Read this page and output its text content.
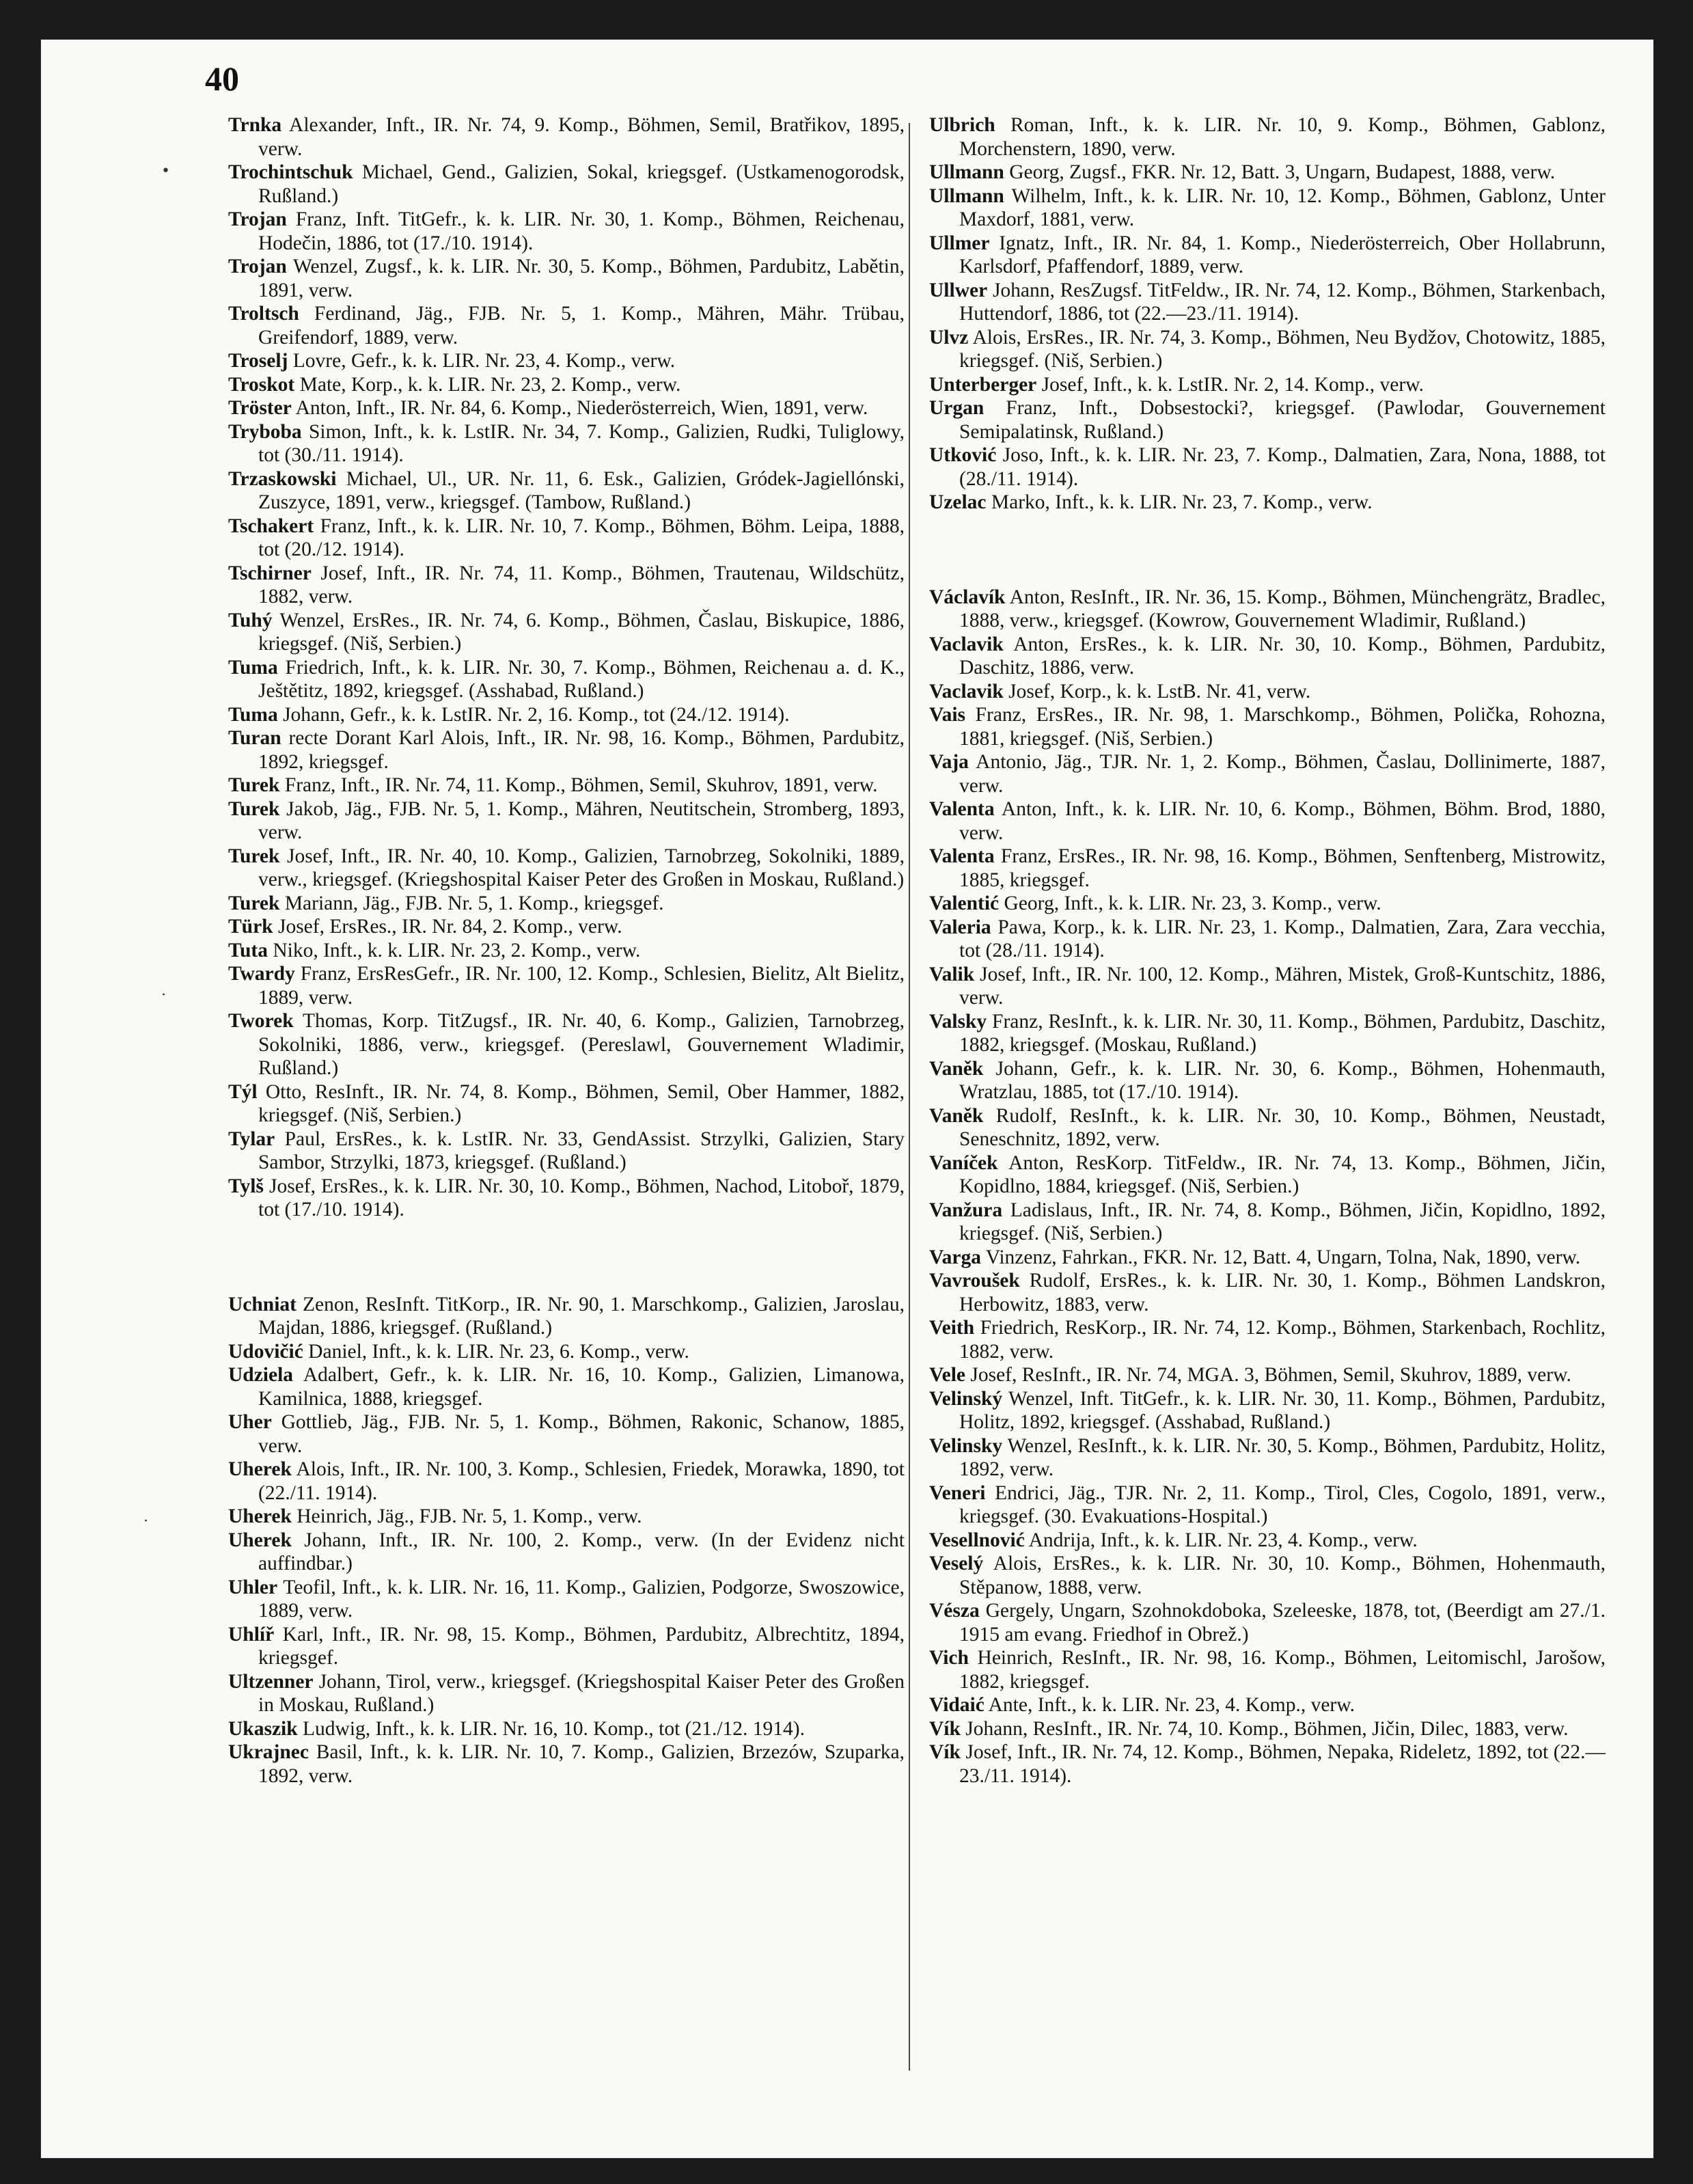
40

Trnka Alexander, Inft., IR. Nr. 74, 9. Komp., Böhmen, Semil, Bratřikov, 1895, verw.

Trochintschuk Michael, Gend., Galizien, Sokal, kriegsgef. (Ustkamenogorodsk, Rußland.)

Trojan Franz, Inft. TitGefr., k. k. LIR. Nr. 30, 1. Komp., Böhmen, Reichenau, Hodečin, 1886, tot (17./10. 1914).

Trojan Wenzel, Zugsf., k. k. LIR. Nr. 30, 5. Komp., Böhmen, Pardubitz, Labětin, 1891, verw.

Troltsch Ferdinand, Jäg., FJB. Nr. 5, 1. Komp., Mähren, Mähr. Trübau, Greifendorf, 1889, verw.

Troselj Lovre, Gefr., k. k. LIR. Nr. 23, 4. Komp., verw.

Troskot Mate, Korp., k. k. LIR. Nr. 23, 2. Komp., verw.

Tröster Anton, Inft., IR. Nr. 84, 6. Komp., Niederösterreich, Wien, 1891, verw.

Tryboba Simon, Inft., k. k. LstIR. Nr. 34, 7. Komp., Galizien, Rudki, Tuliglowy, tot (30./11. 1914).

Trzaskowski Michael, Ul., UR. Nr. 11, 6. Esk., Galizien, Gródek-Jagiellónski, Zuszyce, 1891, verw., kriegsgef. (Tambow, Rußland.)

Tschakert Franz, Inft., k. k. LIR. Nr. 10, 7. Komp., Böhmen, Böhm. Leipa, 1888, tot (20./12. 1914).

Tschirner Josef, Inft., IR. Nr. 74, 11. Komp., Böhmen, Trautenau, Wildschütz, 1882, verw.

Tuhý Wenzel, ErsRes., IR. Nr. 74, 6. Komp., Böhmen, Časlau, Biskupice, 1886, kriegsgef. (Niš, Serbien.)

Tuma Friedrich, Inft., k. k. LIR. Nr. 30, 7. Komp., Böhmen, Reichenau a. d. K., Ještětitz, 1892, kriegsgef. (Asshabad, Rußland.)

Tuma Johann, Gefr., k. k. LstIR. Nr. 2, 16. Komp., tot (24./12. 1914).

Turan recte Dorant Karl Alois, Inft., IR. Nr. 98, 16. Komp., Böhmen, Pardubitz, 1892, kriegsgef.

Turek Franz, Inft., IR. Nr. 74, 11. Komp., Böhmen, Semil, Skuhrov, 1891, verw.

Turek Jakob, Jäg., FJB. Nr. 5, 1. Komp., Mähren, Neutitschein, Stromberg, 1893, verw.

Turek Josef, Inft., IR. Nr. 40, 10. Komp., Galizien, Tarnobrzeg, Sokolniki, 1889, verw., kriegsgef. (Kriegshospital Kaiser Peter des Großen in Moskau, Rußland.)

Turek Mariann, Jäg., FJB. Nr. 5, 1. Komp., kriegsgef.

Türk Josef, ErsRes., IR. Nr. 84, 2. Komp., verw.

Tuta Niko, Inft., k. k. LIR. Nr. 23, 2. Komp., verw.

Twardy Franz, ErsResGefr., IR. Nr. 100, 12. Komp., Schlesien, Bielitz, Alt Bielitz, 1889, verw.

Tworek Thomas, Korp. TitZugsf., IR. Nr. 40, 6. Komp., Galizien, Tarnobrzeg, Sokolniki, 1886, verw., kriegsgef. (Pereslawl, Gouvernement Wladimir, Rußland.)

Týl Otto, ResInft., IR. Nr. 74, 8. Komp., Böhmen, Semil, Ober Hammer, 1882, kriegsgef. (Niš, Serbien.)

Tylar Paul, ErsRes., k. k. LstIR. Nr. 33, GendAssist. Strzylki, Galizien, Stary Sambor, Strzylki, 1873, kriegsgef. (Rußland.)

Tylš Josef, ErsRes., k. k. LIR. Nr. 30, 10. Komp., Böhmen, Nachod, Litoboř, 1879, tot (17./10. 1914).

Uchniat Zenon, ResInft. TitKorp., IR. Nr. 90, 1. Marschkomp., Galizien, Jaroslau, Majdan, 1886, kriegsgef. (Rußland.)

Udovičić Daniel, Inft., k. k. LIR. Nr. 23, 6. Komp., verw.

Udziela Adalbert, Gefr., k. k. LIR. Nr. 16, 10. Komp., Galizien, Limanowa, Kamilnica, 1888, kriegsgef.

Uher Gottlieb, Jäg., FJB. Nr. 5, 1. Komp., Böhmen, Rakonic, Schanow, 1885, verw.

Uherek Alois, Inft., IR. Nr. 100, 3. Komp., Schlesien, Friedek, Morawka, 1890, tot (22./11. 1914).

Uherek Heinrich, Jäg., FJB. Nr. 5, 1. Komp., verw.

Uherek Johann, Inft., IR. Nr. 100, 2. Komp., verw. (In der Evidenz nicht auffindbar.)

Uhler Teofil, Inft., k. k. LIR. Nr. 16, 11. Komp., Galizien, Podgorze, Swoszowice, 1889, verw.

Uhlíř Karl, Inft., IR. Nr. 98, 15. Komp., Böhmen, Pardubitz, Albrechtitz, 1894, kriegsgef.

Ultzenner Johann, Tirol, verw., kriegsgef. (Kriegshospital Kaiser Peter des Großen in Moskau, Rußland.)

Ukaszik Ludwig, Inft., k. k. LIR. Nr. 16, 10. Komp., tot (21./12. 1914).

Ukrajnec Basil, Inft., k. k. LIR. Nr. 10, 7. Komp., Galizien, Brzezów, Szuparka, 1892, verw.

Ulbrich Roman, Inft., k. k. LIR. Nr. 10, 9. Komp., Böhmen, Gablonz, Morchenstern, 1890, verw.

Ullmann Georg, Zugsf., FKR. Nr. 12, Batt. 3, Ungarn, Budapest, 1888, verw.

Ullmann Wilhelm, Inft., k. k. LIR. Nr. 10, 12. Komp., Böhmen, Gablonz, Unter Maxdorf, 1881, verw.

Ullmer Ignatz, Inft., IR. Nr. 84, 1. Komp., Niederösterreich, Ober Hollabrunn, Karlsdorf, Pfaffendorf, 1889, verw.

Ullwer Johann, ResZugsf. TitFeldw., IR. Nr. 74, 12. Komp., Böhmen, Starkenbach, Huttendorf, 1886, tot (22.—23./11. 1914).

Ulvz Alois, ErsRes., IR. Nr. 74, 3. Komp., Böhmen, Neu Bydžov, Chotowitz, 1885, kriegsgef. (Niš, Serbien.)

Unterberger Josef, Inft., k. k. LstIR. Nr. 2, 14. Komp., verw.

Urgan Franz, Inft., Dobsestocki?, kriegsgef. (Pawlodar, Gouvernement Semipalatinsk, Rußland.)

Utković Joso, Inft., k. k. LIR. Nr. 23, 7. Komp., Dalmatien, Zara, Nona, 1888, tot (28./11. 1914).

Uzelac Marko, Inft., k. k. LIR. Nr. 23, 7. Komp., verw.

Václavík Anton, ResInft., IR. Nr. 36, 15. Komp., Böhmen, Münchengrätz, Bradlec, 1888, verw., kriegsgef. (Kowrow, Gouvernement Wladimir, Rußland.)

Vaclavik Anton, ErsRes., k. k. LIR. Nr. 30, 10. Komp., Böhmen, Pardubitz, Daschitz, 1886, verw.

Vaclavik Josef, Korp., k. k. LstB. Nr. 41, verw.

Vais Franz, ErsRes., IR. Nr. 98, 1. Marschkomp., Böhmen, Polička, Rohozna, 1881, kriegsgef. (Niš, Serbien.)

Vaja Antonio, Jäg., TJR. Nr. 1, 2. Komp., Böhmen, Časlau, Dollinimerte, 1887, verw.

Valenta Anton, Inft., k. k. LIR. Nr. 10, 6. Komp., Böhmen, Böhm. Brod, 1880, verw.

Valenta Franz, ErsRes., IR. Nr. 98, 16. Komp., Böhmen, Senftenberg, Mistrowitz, 1885, kriegsgef.

Valentić Georg, Inft., k. k. LIR. Nr. 23, 3. Komp., verw.

Valeria Pawa, Korp., k. k. LIR. Nr. 23, 1. Komp., Dalmatien, Zara, Zara vecchia, tot (28./11. 1914).

Valik Josef, Inft., IR. Nr. 100, 12. Komp., Mähren, Mistek, Groß-Kuntschitz, 1886, verw.

Valsky Franz, ResInft., k. k. LIR. Nr. 30, 11. Komp., Böhmen, Pardubitz, Daschitz, 1882, kriegsgef. (Moskau, Rußland.)

Vaněk Johann, Gefr., k. k. LIR. Nr. 30, 6. Komp., Böhmen, Hohenmauth, Wratzlau, 1885, tot (17./10. 1914).

Vaněk Rudolf, ResInft., k. k. LIR. Nr. 30, 10. Komp., Böhmen, Neustadt, Seneschnitz, 1892, verw.

Vaníček Anton, ResKorp. TitFeldw., IR. Nr. 74, 13. Komp., Böhmen, Jičin, Kopidlno, 1884, kriegsgef. (Niš, Serbien.)

Vanžura Ladislaus, Inft., IR. Nr. 74, 8. Komp., Böhmen, Jičin, Kopidlno, 1892, kriegsgef. (Niš, Serbien.)

Varga Vinzenz, Fahrkan., FKR. Nr. 12, Batt. 4, Ungarn, Tolna, Nak, 1890, verw.

Vavroušek Rudolf, ErsRes., k. k. LIR. Nr. 30, 1. Komp., Böhmen Landskron, Herbowitz, 1883, verw.

Veith Friedrich, ResKorp., IR. Nr. 74, 12. Komp., Böhmen, Starkenbach, Rochlitz, 1882, verw.

Vele Josef, ResInft., IR. Nr. 74, MGA. 3, Böhmen, Semil, Skuhrov, 1889, verw.

Velinský Wenzel, Inft. TitGefr., k. k. LIR. Nr. 30, 11. Komp., Böhmen, Pardubitz, Holitz, 1892, kriegsgef. (Asshabad, Rußland.)

Velinsky Wenzel, ResInft., k. k. LIR. Nr. 30, 5. Komp., Böhmen, Pardubitz, Holitz, 1892, verw.

Veneri Endrici, Jäg., TJR. Nr. 2, 11. Komp., Tirol, Cles, Cogolo, 1891, verw., kriegsgef. (30. Evakuations-Hospital.)

Vesellnović Andrija, Inft., k. k. LIR. Nr. 23, 4. Komp., verw.

Veselý Alois, ErsRes., k. k. LIR. Nr. 30, 10. Komp., Böhmen, Hohenmauth, Stěpanow, 1888, verw.

Vésza Gergely, Ungarn, Szohnokdoboka, Szeleeske, 1878, tot, (Beerdigt am 27./1. 1915 am evang. Friedhof in Obrež.)

Vich Heinrich, ResInft., IR. Nr. 98, 16. Komp., Böhmen, Leitomischl, Jarošow, 1882, kriegsgef.

Vidaić Ante, Inft., k. k. LIR. Nr. 23, 4. Komp., verw.

Vík Johann, ResInft., IR. Nr. 74, 10. Komp., Böhmen, Jičin, Dilec, 1883, verw.

Vík Josef, Inft., IR. Nr. 74, 12. Komp., Böhmen, Nepaka, Rideletz, 1892, tot (22.—23./11. 1914).

•
·
·
